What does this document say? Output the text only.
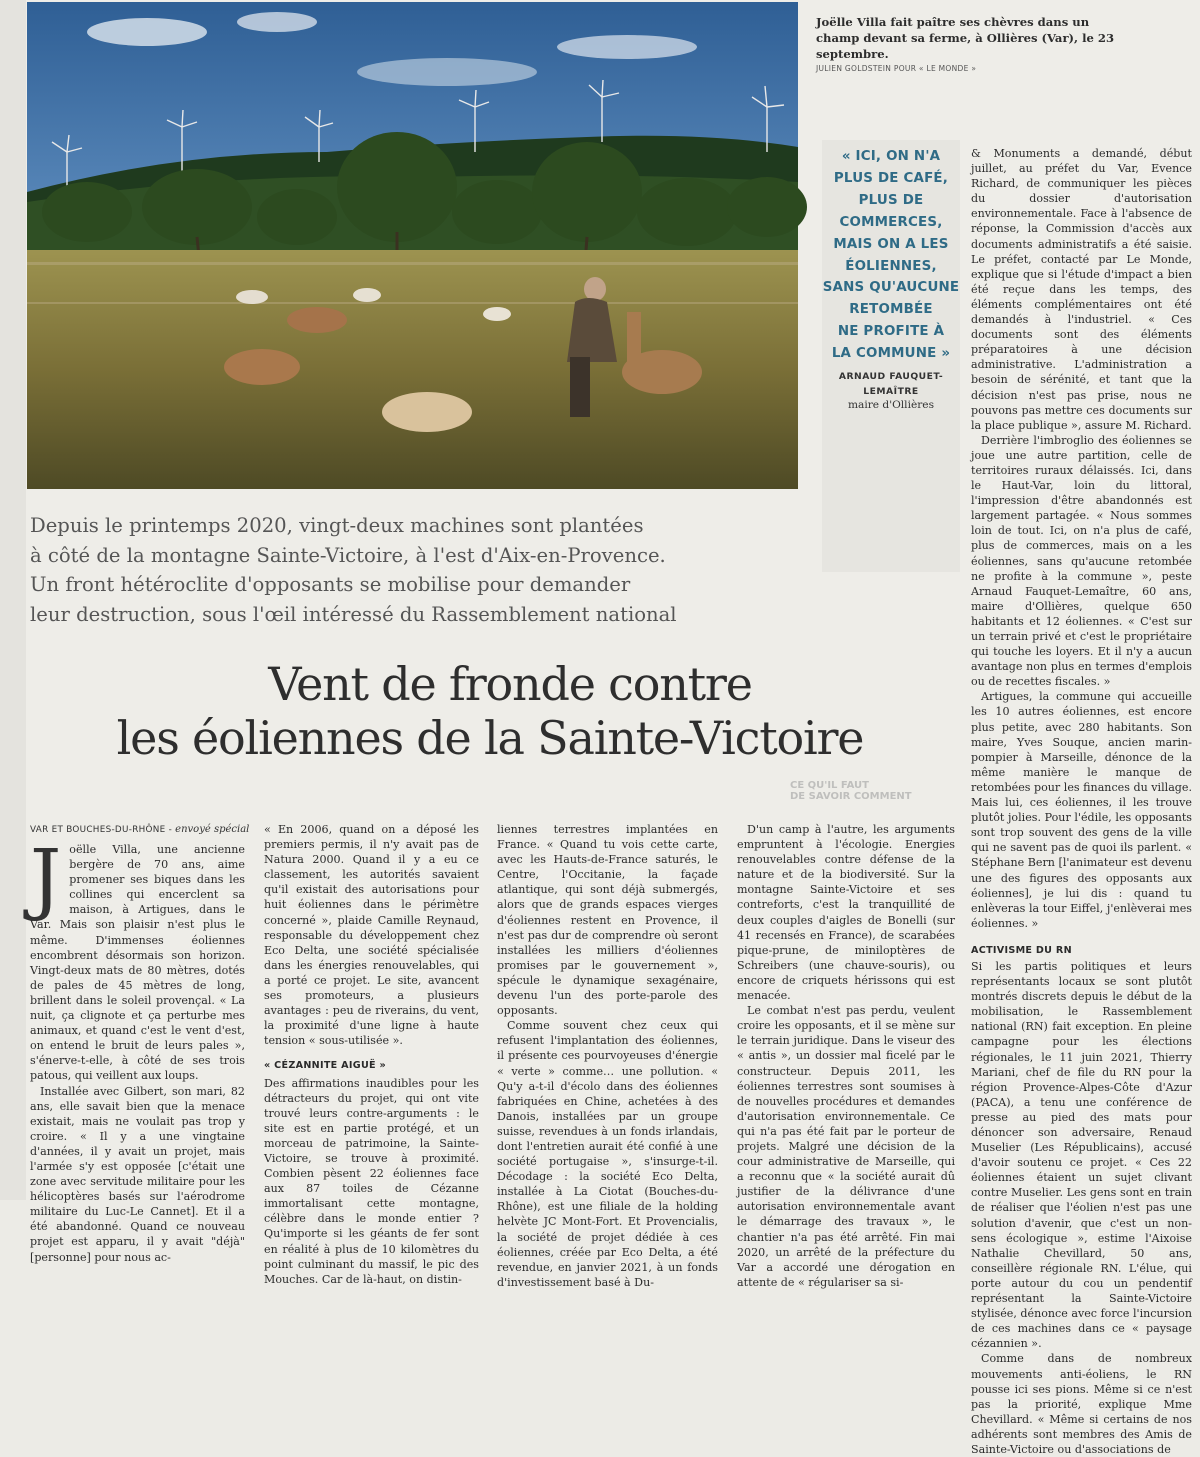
Joëlle Villa fait paître ses chèvres dans un champ devant sa ferme, à Ollières (Var), le 23 septembre.
JULIEN GOLDSTEIN POUR « LE MONDE »
« ICI, ON N'A
PLUS DE CAFÉ,
PLUS DE
COMMERCES,
MAIS ON A LES
ÉOLIENNES,
SANS QU'AUCUNE
RETOMBÉE
NE PROFITE À
LA COMMUNE »
ARNAUD FAUQUET-
LEMAÎTRE
maire d'Ollières

& Monuments a demandé, début juillet, au préfet du Var, Evence Richard, de communiquer les pièces du dossier d'autorisation environnementale. Face à l'absence de réponse, la Commission d'accès aux documents administratifs a été saisie. Le préfet, contacté par Le Monde, explique que si l'étude d'impact a bien été reçue dans les temps, des éléments complémentaires ont été demandés à l'industriel. « Ces documents sont des éléments préparatoires à une décision administrative. L'administration a besoin de sérénité, et tant que la décision n'est pas prise, nous ne pouvons pas mettre ces documents sur la place publique », assure M. Richard.

Derrière l'imbroglio des éoliennes se joue une autre partition, celle de territoires ruraux délaissés. Ici, dans le Haut-Var, loin du littoral, l'impression d'être abandonnés est largement partagée. « Nous sommes loin de tout. Ici, on n'a plus de café, plus de commerces, mais on a les éoliennes, sans qu'aucune retombée ne profite à la commune », peste Arnaud Fauquet-Lemaître, 60 ans, maire d'Ollières, quelque 650 habitants et 12 éoliennes. « C'est sur un terrain privé et c'est le propriétaire qui touche les loyers. Et il n'y a aucun avantage non plus en termes d'emplois ou de recettes fiscales. »

Artigues, la commune qui accueille les 10 autres éoliennes, est encore plus petite, avec 280 habitants. Son maire, Yves Souque, ancien marin-pompier à Marseille, dénonce de la même manière le manque de retombées pour les finances du village. Mais lui, ces éoliennes, il les trouve plutôt jolies. Pour l'édile, les opposants sont trop souvent des gens de la ville qui ne savent pas de quoi ils parlent. « Stéphane Bern [l'animateur est devenu une des figures des opposants aux éoliennes], je lui dis : quand tu enlèveras la tour Eiffel, j'enlèverai mes éoliennes. »

ACTIVISME DU RN

Si les partis politiques et leurs représentants locaux se sont plutôt montrés discrets depuis le début de la mobilisation, le Rassemblement national (RN) fait exception. En pleine campagne pour les élections régionales, le 11 juin 2021, Thierry Mariani, chef de file du RN pour la région Provence-Alpes-Côte d'Azur (PACA), a tenu une conférence de presse au pied des mats pour dénoncer son adversaire, Renaud Muselier (Les Républicains), accusé d'avoir soutenu ce projet. « Ces 22 éoliennes étaient un sujet clivant contre Muselier. Les gens sont en train de réaliser que l'éolien n'est pas une solution d'avenir, que c'est un non-sens écologique », estime l'Aixoise Nathalie Chevillard, 50 ans, conseillère régionale RN. L'élue, qui porte autour du cou un pendentif représentant la Sainte-Victoire stylisée, dénonce avec force l'incursion de ces machines dans ce « paysage cézannien ».

Comme dans de nombreux mouvements anti-éoliens, le RN pousse ici ses pions. Même si ce n'est pas la priorité, explique Mme Chevillard. « Même si certains de nos adhérents sont membres des Amis de Sainte-Victoire ou d'associations de

CE QU'IL FAUT
DE SAVOIR COMMENT
Depuis le printemps 2020, vingt-deux machines sont plantées
à côté de la montagne Sainte-Victoire, à l'est d'Aix-en-Provence.
Un front hétéroclite d'opposants se mobilise pour demander
leur destruction, sous l'œil intéressé du Rassemblement national
Vent de fronde contre
les éoliennes de la Sainte-Victoire
VAR ET BOUCHES-DU-RHÔNE - envoyé spécial
J oëlle Villa, une ancienne bergère de 70 ans, aime promener ses biques dans les collines qui encerclent sa maison, à Artigues, dans le Var. Mais son plaisir n'est plus le même. D'immenses éoliennes encombrent désormais son horizon. Vingt-deux mats de 80 mètres, dotés de pales de 45 mètres de long, brillent dans le soleil provençal. « La nuit, ça clignote et ça perturbe mes animaux, et quand c'est le vent d'est, on entend le bruit de leurs pales », s'énerve-t-elle, à côté de ses trois patous, qui veillent aux loups.

Installée avec Gilbert, son mari, 82 ans, elle savait bien que la menace existait, mais ne voulait pas trop y croire. « Il y a une vingtaine d'années, il y avait un projet, mais l'armée s'y est opposée [c'était une zone avec servitude militaire pour les hélicoptères basés sur l'aérodrome militaire du Luc-Le Cannet]. Et il a été abandonné. Quand ce nouveau projet est apparu, il y avait "déjà" [personne] pour nous ac-

« En 2006, quand on a déposé les premiers permis, il n'y avait pas de Natura 2000. Quand il y a eu ce classement, les autorités savaient qu'il existait des autorisations pour huit éoliennes dans le périmètre concerné », plaide Camille Reynaud, responsable du développement chez Eco Delta, une société spécialisée dans les énergies renouvelables, qui a porté ce projet. Le site, avancent ses promoteurs, a plusieurs avantages : peu de riverains, du vent, la proximité d'une ligne à haute tension « sous-utilisée ».

« CÉZANNITE AIGUË »

Des affirmations inaudibles pour les détracteurs du projet, qui ont vite trouvé leurs contre-arguments : le site est en partie protégé, et un morceau de patrimoine, la Sainte-Victoire, se trouve à proximité. Combien pèsent 22 éoliennes face aux 87 toiles de Cézanne immortalisant cette montagne, célèbre dans le monde entier ? Qu'importe si les géants de fer sont en réalité à plus de 10 kilomètres du point culminant du massif, le pic des Mouches. Car de là-haut, on distin-

liennes terrestres implantées en France. « Quand tu vois cette carte, avec les Hauts-de-France saturés, le Centre, l'Occitanie, la façade atlantique, qui sont déjà submergés, alors que de grands espaces vierges d'éoliennes restent en Provence, il n'est pas dur de comprendre où seront installées les milliers d'éoliennes promises par le gouvernement », spécule le dynamique sexagénaire, devenu l'un des porte-parole des opposants.

Comme souvent chez ceux qui refusent l'implantation des éoliennes, il présente ces pourvoyeuses d'énergie « verte » comme… une pollution. « Qu'y a-t-il d'écolo dans des éoliennes fabriquées en Chine, achetées à des Danois, installées par un groupe suisse, revendues à un fonds irlandais, dont l'entretien aurait été confié à une société portugaise », s'insurge-t-il. Décodage : la société Eco Delta, installée à La Ciotat (Bouches-du-Rhône), est une filiale de la holding helvète JC Mont-Fort. Et Provencialis, la société de projet dédiée à ces éoliennes, créée par Eco Delta, a été revendue, en janvier 2021, à un fonds d'investissement basé à Du-

D'un camp à l'autre, les arguments empruntent à l'écologie. Energies renouvelables contre défense de la nature et de la biodiversité. Sur la montagne Sainte-Victoire et ses contreforts, c'est la tranquillité de deux couples d'aigles de Bonelli (sur 41 recensés en France), de scarabées pique-prune, de miniloptères de Schreibers (une chauve-souris), ou encore de criquets hérissons qui est menacée.

Le combat n'est pas perdu, veulent croire les opposants, et il se mène sur le terrain juridique. Dans le viseur des « antis », un dossier mal ficelé par le constructeur. Depuis 2011, les éoliennes terrestres sont soumises à de nouvelles procédures et demandes d'autorisation environnementale. Ce qui n'a pas été fait par le porteur de projets. Malgré une décision de la cour administrative de Marseille, qui a reconnu que « la société aurait dû justifier de la délivrance d'une autorisation environnementale avant le démarrage des travaux », le chantier n'a pas été arrêté. Fin mai 2020, un arrêté de la préfecture du Var a accordé une dérogation en attente de « régulariser sa si-
